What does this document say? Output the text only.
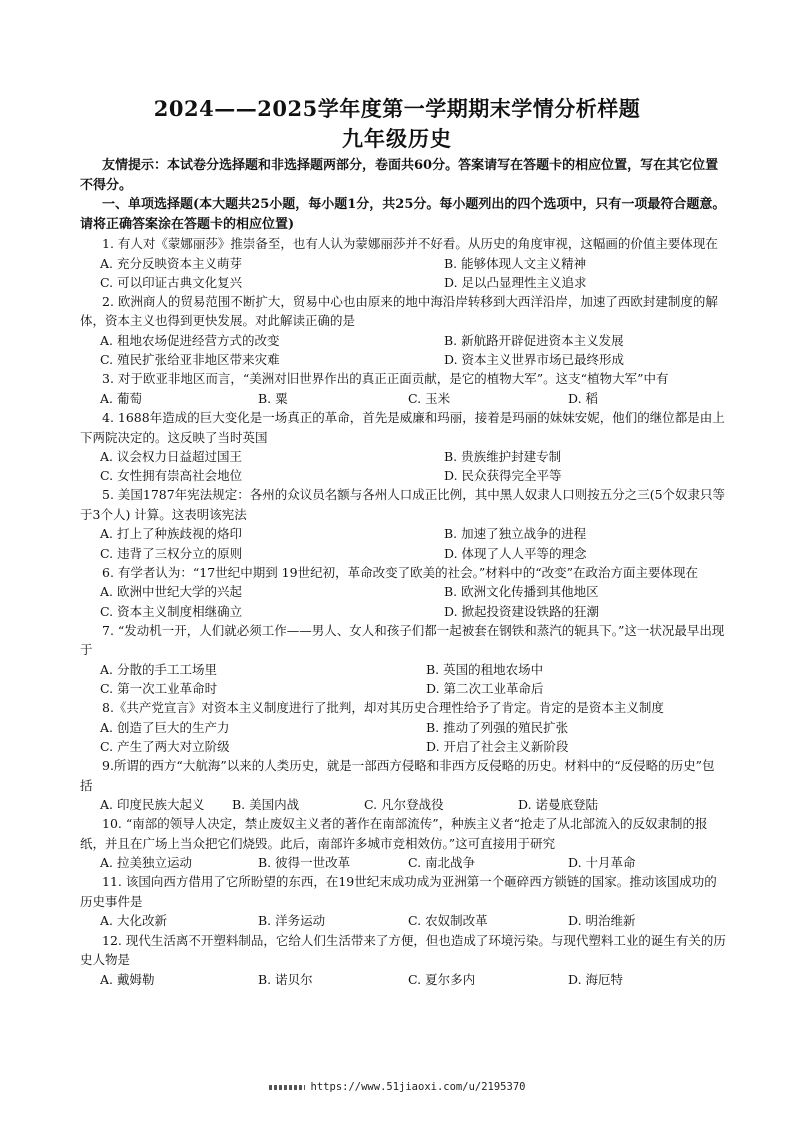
2024——2025学年度第一学期期末学情分析样题
九年级历史

友情提示：本试卷分选择题和非选择题两部分，卷面共60分。答案请写在答题卡的相应位置，写在其它位置不得分。

一、单项选择题(本大题共25小题，每小题1分，共25分。每小题列出的四个选项中，只有一项最符合题意。请将正确答案涂在答题卡的相应位置)

1. 有人对《蒙娜丽莎》推崇备至，也有人认为蒙娜丽莎并不好看。从历史的角度审视，这幅画的价值主要体现在

A. 充分反映资本主义萌芽	B. 能够体现人文主义精神
C. 可以印证古典文化复兴	D. 足以凸显理性主义追求

2. 欧洲商人的贸易范围不断扩大，贸易中心也由原来的地中海沿岸转移到大西洋沿岸，加速了西欧封建制度的解体，资本主义也得到更快发展。对此解读正确的是

A. 租地农场促进经营方式的改变	B. 新航路开辟促进资本主义发展
C. 殖民扩张给亚非地区带来灾难	D. 资本主义世界市场已最终形成

3. 对于欧亚非地区而言，“美洲对旧世界作出的真正正面贡献，是它的植物大军”。这支“植物大军”中有

A. 葡萄	B. 粟	C. 玉米	D. 稻

4. 1688年造成的巨大变化是一场真正的革命，首先是威廉和玛丽，接着是玛丽的妹妹安妮，他们的继位都是由上下两院决定的。这反映了当时英国

A. 议会权力日益超过国王	B. 贵族维护封建专制
C. 女性拥有崇高社会地位	D. 民众获得完全平等

5. 美国1787年宪法规定：各州的众议员名额与各州人口成正比例，其中黑人奴隶人口则按五分之三(5个奴隶只等于3个人) 计算。这表明该宪法

A. 打上了种族歧视的烙印	B. 加速了独立战争的进程
C. 违背了三权分立的原则	D. 体现了人人平等的理念

6. 有学者认为：“17世纪中期到 19世纪初，革命改变了欧美的社会。”材料中的“改变”在政治方面主要体现在

A. 欧洲中世纪大学的兴起	B. 欧洲文化传播到其他地区
C. 资本主义制度相继确立	D. 掀起投资建设铁路的狂潮

7. “发动机一开，人们就必须工作——男人、女人和孩子们都一起被套在钢铁和蒸汽的轭具下。”这一状况最早出现于

A. 分散的手工工场里	B. 英国的租地农场中
C. 第一次工业革命时	D. 第二次工业革命后

8.《共产党宣言》对资本主义制度进行了批判，却对其历史合理性给予了肯定。肯定的是资本主义制度

A. 创造了巨大的生产力	B. 推动了列强的殖民扩张
C. 产生了两大对立阶级	D. 开启了社会主义新阶段

9.所谓的西方“大航海”以来的人类历史，就是一部西方侵略和非西方反侵略的历史。材料中的“反侵略的历史”包括

A. 印度民族大起义	B. 美国内战	C. 凡尔登战役	D. 诺曼底登陆

10. “南部的领导人决定，禁止废奴主义者的著作在南部流传”，种族主义者“抢走了从北部流入的反奴隶制的报纸，并且在广场上当众把它们烧毁。此后，南部许多城市竞相效仿。”这可直接用于研究

A. 拉美独立运动	B. 彼得一世改革	C. 南北战争	D. 十月革命

11. 该国向西方借用了它所盼望的东西，在19世纪末成功成为亚洲第一个砸碎西方锁链的国家。推动该国成功的历史事件是

A. 大化改新	B. 洋务运动	C. 农奴制改革	D. 明治维新

12. 现代生活离不开塑料制品，它给人们生活带来了方便，但也造成了环境污染。与现代塑料工业的诞生有关的历史人物是

A. 戴姆勒	B. 诺贝尔	C. 夏尔多内	D. 海厄特
https://www.51jiaoxi.com/u/2195370
